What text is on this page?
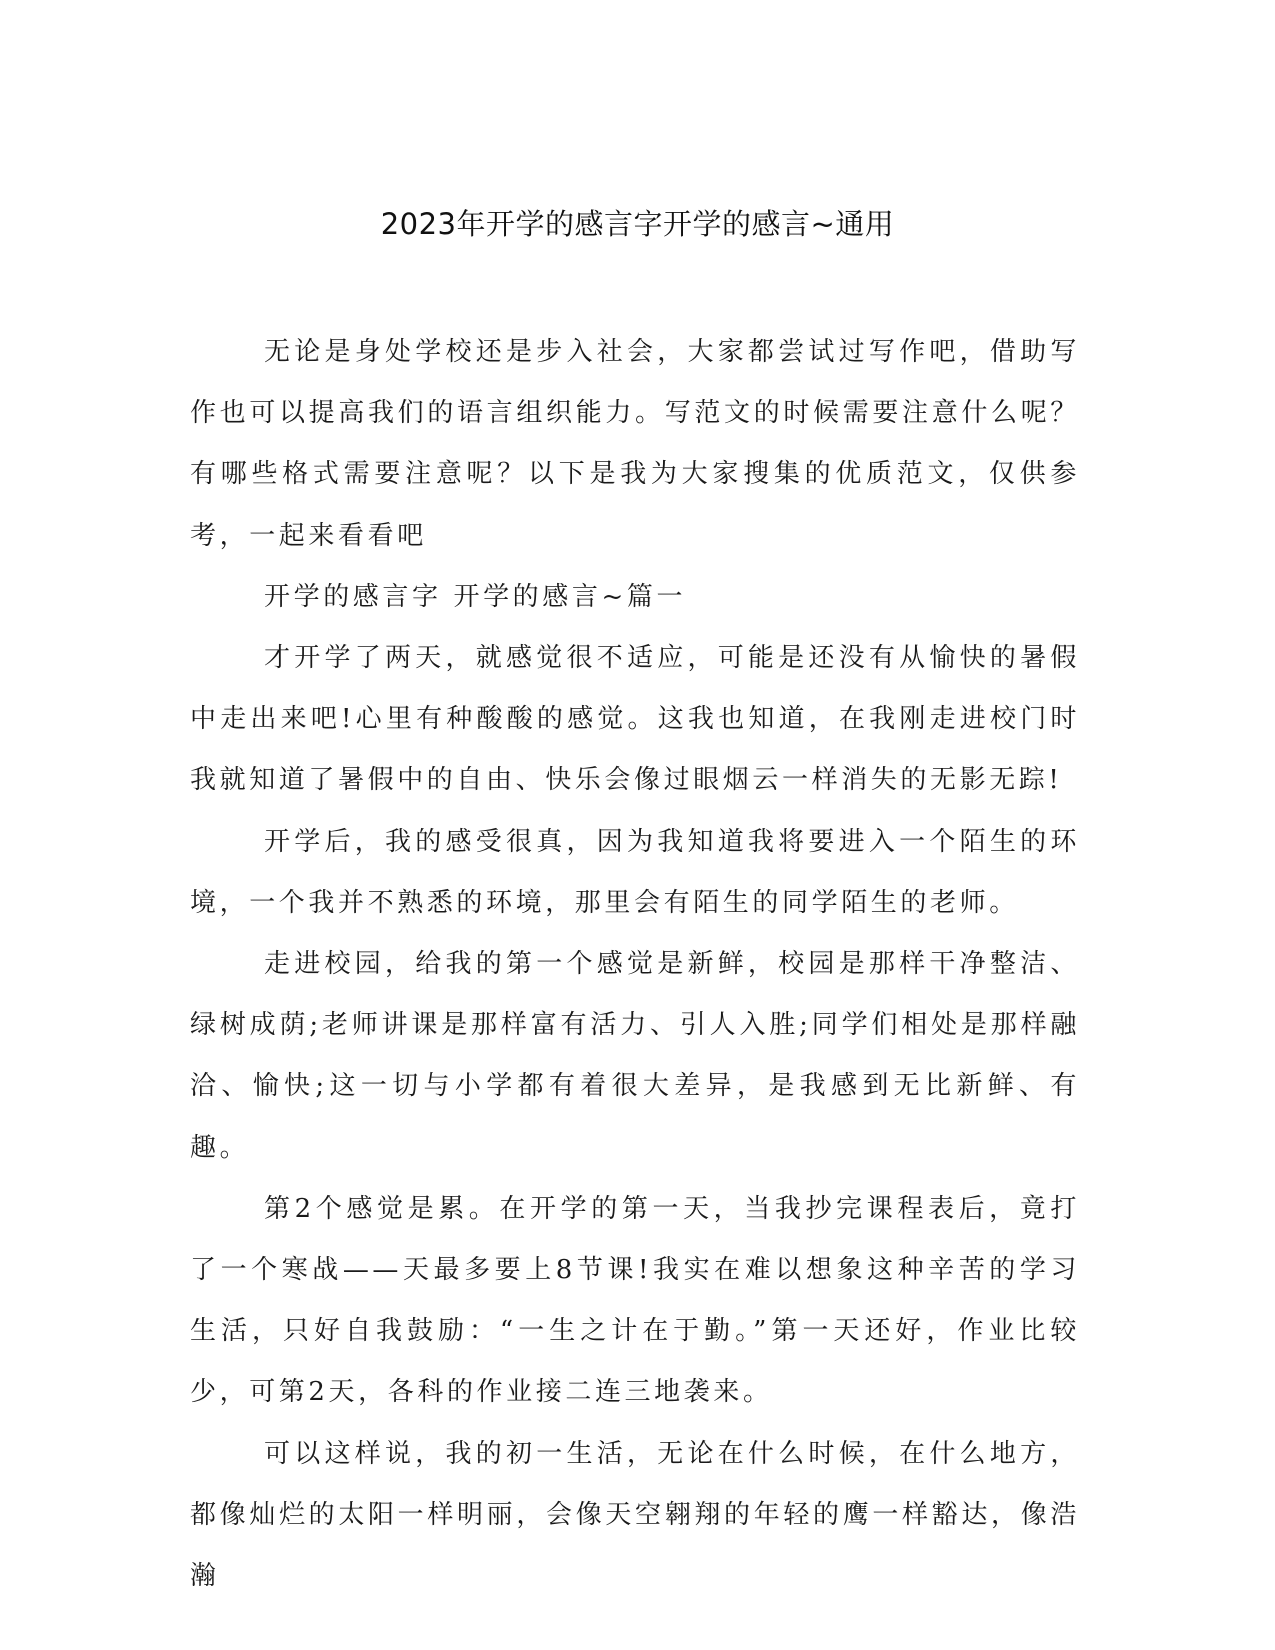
2023年开学的感言字开学的感言~通用

无论是身处学校还是步入社会，大家都尝试过写作吧，借助写作也可以提高我们的语言组织能力。写范文的时候需要注意什么呢？有哪些格式需要注意呢？以下是我为大家搜集的优质范文，仅供参考，一起来看看吧

开学的感言字 开学的感言~篇一

才开学了两天，就感觉很不适应，可能是还没有从愉快的暑假中走出来吧!心里有种酸酸的感觉。这我也知道，在我刚走进校门时我就知道了暑假中的自由、快乐会像过眼烟云一样消失的无影无踪!

开学后，我的感受很真，因为我知道我将要进入一个陌生的环境，一个我并不熟悉的环境，那里会有陌生的同学陌生的老师。

走进校园，给我的第一个感觉是新鲜，校园是那样干净整洁、绿树成荫;老师讲课是那样富有活力、引人入胜;同学们相处是那样融洽、愉快;这一切与小学都有着很大差异，是我感到无比新鲜、有趣。

第2个感觉是累。在开学的第一天，当我抄完课程表后，竟打了一个寒战——天最多要上8节课!我实在难以想象这种辛苦的学习生活，只好自我鼓励：“一生之计在于勤。”第一天还好，作业比较少，可第2天，各科的作业接二连三地袭来。

可以这样说，我的初一生活，无论在什么时候，在什么地方，都像灿烂的太阳一样明丽，会像天空翱翔的年轻的鹰一样豁达，像浩瀚
